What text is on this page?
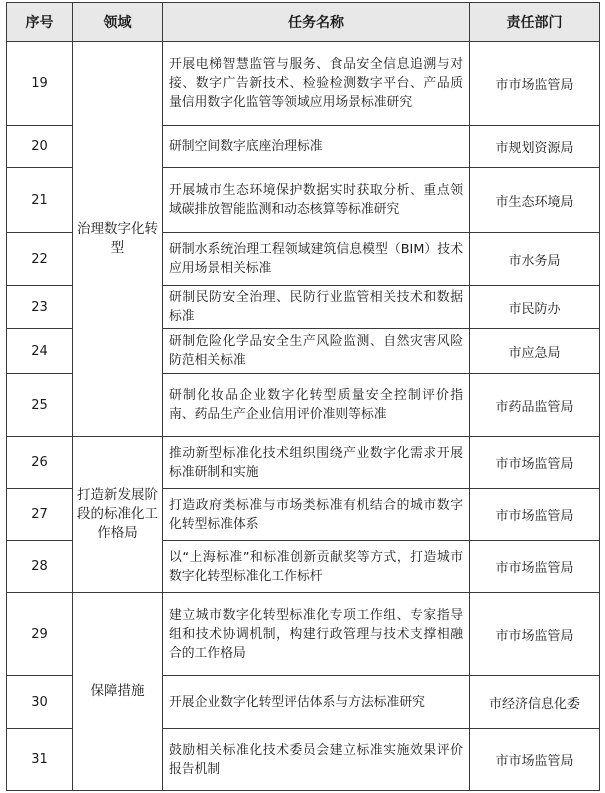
序号	领域	任务名称	责任部门
19	治理数字化转型	开展电梯智慧监管与服务、食品安全信息追溯与对接、数字广告新技术、检验检测数字平台、产品质量信用数字化监管等领域应用场景标准研究	市市场监管局
20		研制空间数字底座治理标准	市规划资源局
21		开展城市生态环境保护数据实时获取分析、重点领域碳排放智能监测和动态核算等标准研究	市生态环境局
22		研制水系统治理工程领域建筑信息模型（BIM）技术应用场景相关标准	市水务局
23		研制民防安全治理、民防行业监管相关技术和数据标准	市民防办
24		研制危险化学品安全生产风险监测、自然灾害风险防范相关标准	市应急局
25		研制化妆品企业数字化转型质量安全控制评价指南、药品生产企业信用评价准则等标准	市药品监管局
26	打造新发展阶段的标准化工作格局	推动新型标准化技术组织围绕产业数字化需求开展标准研制和实施	市市场监管局
27		打造政府类标准与市场类标准有机结合的城市数字化转型标准体系	市市场监管局
28		以“上海标准”和标准创新贡献奖等方式，打造城市数字化转型标准化工作标杆	市市场监管局
29	保障措施	建立城市数字化转型标准化专项工作组、专家指导组和技术协调机制，构建行政管理与技术支撑相融合的工作格局	市市场监管局
30		开展企业数字化转型评估体系与方法标准研究	市经济信息化委
31		鼓励相关标准化技术委员会建立标准实施效果评价报告机制	市市场监管局
